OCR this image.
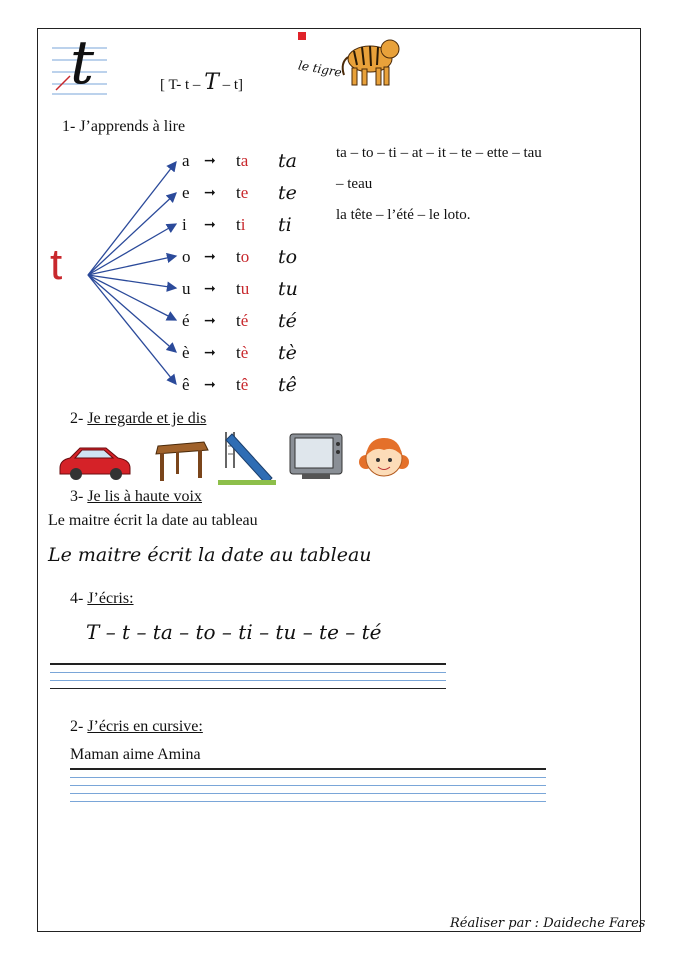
t	[ T- t – T – t]
le tigre
1- J’apprends à lire
t
a	➞	ta	ta
e	➞	te	te
i	➞	ti	ti
o ➞	to	to
u ➞	tu	tu
é	➞	té	té
è	➞	tè	tè
ê	➞	tê	tê
ta – to – ti – at – it – te – ette – tau
– teau
la tête – l’été – le loto.
2- Je regarde et je dis
3- Je lis à haute voix
Le maitre écrit la date au tableau
Le maitre écrit la date au tableau
4- J’écris:
T – t – ta – to – ti – tu – te – té
2- J’écris en cursive:
Maman aime Amina
Réaliser par : Daideche Fares
